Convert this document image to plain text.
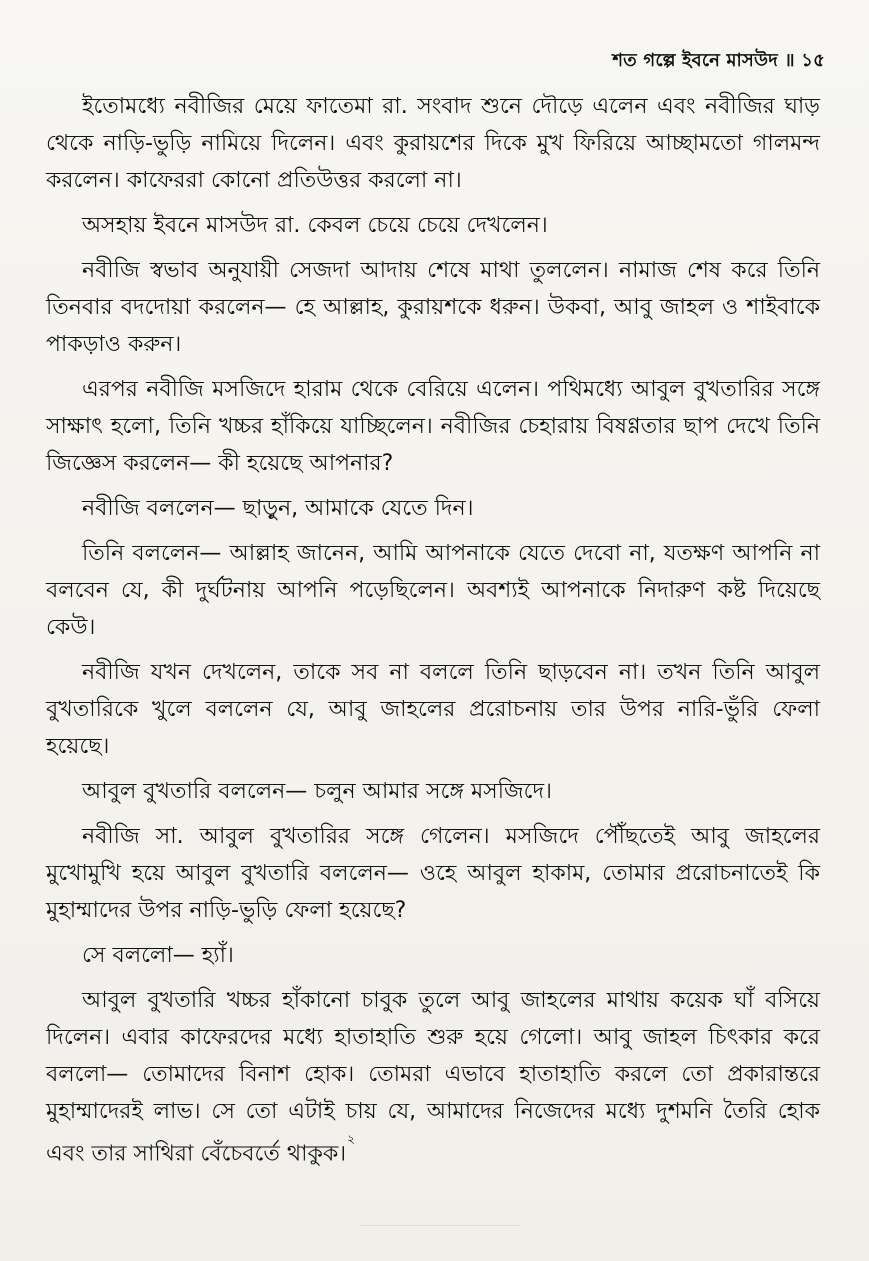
শত গল্পে ইবনে মাসউদ ॥ ১৫

ইতোমধ্যে নবীজির মেয়ে ফাতেমা রা. সংবাদ শুনে দৌড়ে এলেন এবং নবীজির ঘাড় থেকে নাড়ি-ভুড়ি নামিয়ে দিলেন। এবং কুরায়শের দিকে মুখ ফিরিয়ে আচ্ছামতো গালমন্দ করলেন। কাফেররা কোনো প্রতিউত্তর করলো না।

অসহায় ইবনে মাসউদ রা. কেবল চেয়ে চেয়ে দেখলেন।

নবীজি স্বভাব অনুযায়ী সেজদা আদায় শেষে মাথা তুললেন। নামাজ শেষ করে তিনি তিনবার বদদোয়া করলেন— হে আল্লাহ, কুরায়শকে ধরুন। উকবা, আবু জাহল ও শাইবাকে পাকড়াও করুন।

এরপর নবীজি মসজিদে হারাম থেকে বেরিয়ে এলেন। পথিমধ্যে আবুল বুখতারির সঙ্গে সাক্ষাৎ হলো, তিনি খচ্চর হাঁকিয়ে যাচ্ছিলেন। নবীজির চেহারায় বিষণ্ণতার ছাপ দেখে তিনি জিজ্ঞেস করলেন— কী হয়েছে আপনার?

নবীজি বললেন— ছাড়ুন, আমাকে যেতে দিন।

তিনি বললেন— আল্লাহ জানেন, আমি আপনাকে যেতে দেবো না, যতক্ষণ আপনি না বলবেন যে, কী দুর্ঘটনায় আপনি পড়েছিলেন। অবশ্যই আপনাকে নিদারুণ কষ্ট দিয়েছে কেউ।

নবীজি যখন দেখলেন, তাকে সব না বললে তিনি ছাড়বেন না। তখন তিনি আবুল বুখতারিকে খুলে বললেন যে, আবু জাহলের প্ররোচনায় তার উপর নারি-ভুঁরি ফেলা হয়েছে।

আবুল বুখতারি বললেন— চলুন আমার সঙ্গে মসজিদে।

নবীজি সা. আবুল বুখতারির সঙ্গে গেলেন। মসজিদে পৌঁছতেই আবু জাহলের মুখোমুখি হয়ে আবুল বুখতারি বললেন— ওহে আবুল হাকাম, তোমার প্ররোচনাতেই কি মুহাম্মাদের উপর নাড়ি-ভুড়ি ফেলা হয়েছে?

সে বললো— হ্যাঁ।

আবুল বুখতারি খচ্চর হাঁকানো চাবুক তুলে আবু জাহলের মাথায় কয়েক ঘাঁ বসিয়ে দিলেন। এবার কাফেরদের মধ্যে হাতাহাতি শুরু হয়ে গেলো। আবু জাহল চিৎকার করে বললো— তোমাদের বিনাশ হোক। তোমরা এভাবে হাতাহাতি করলে তো প্রকারান্তরে মুহাম্মাদেরই লাভ। সে তো এটাই চায় যে, আমাদের নিজেদের মধ্যে দুশমনি তৈরি হোক এবং তার সাথিরা বেঁচেবর্তে থাকুক।$^২$
